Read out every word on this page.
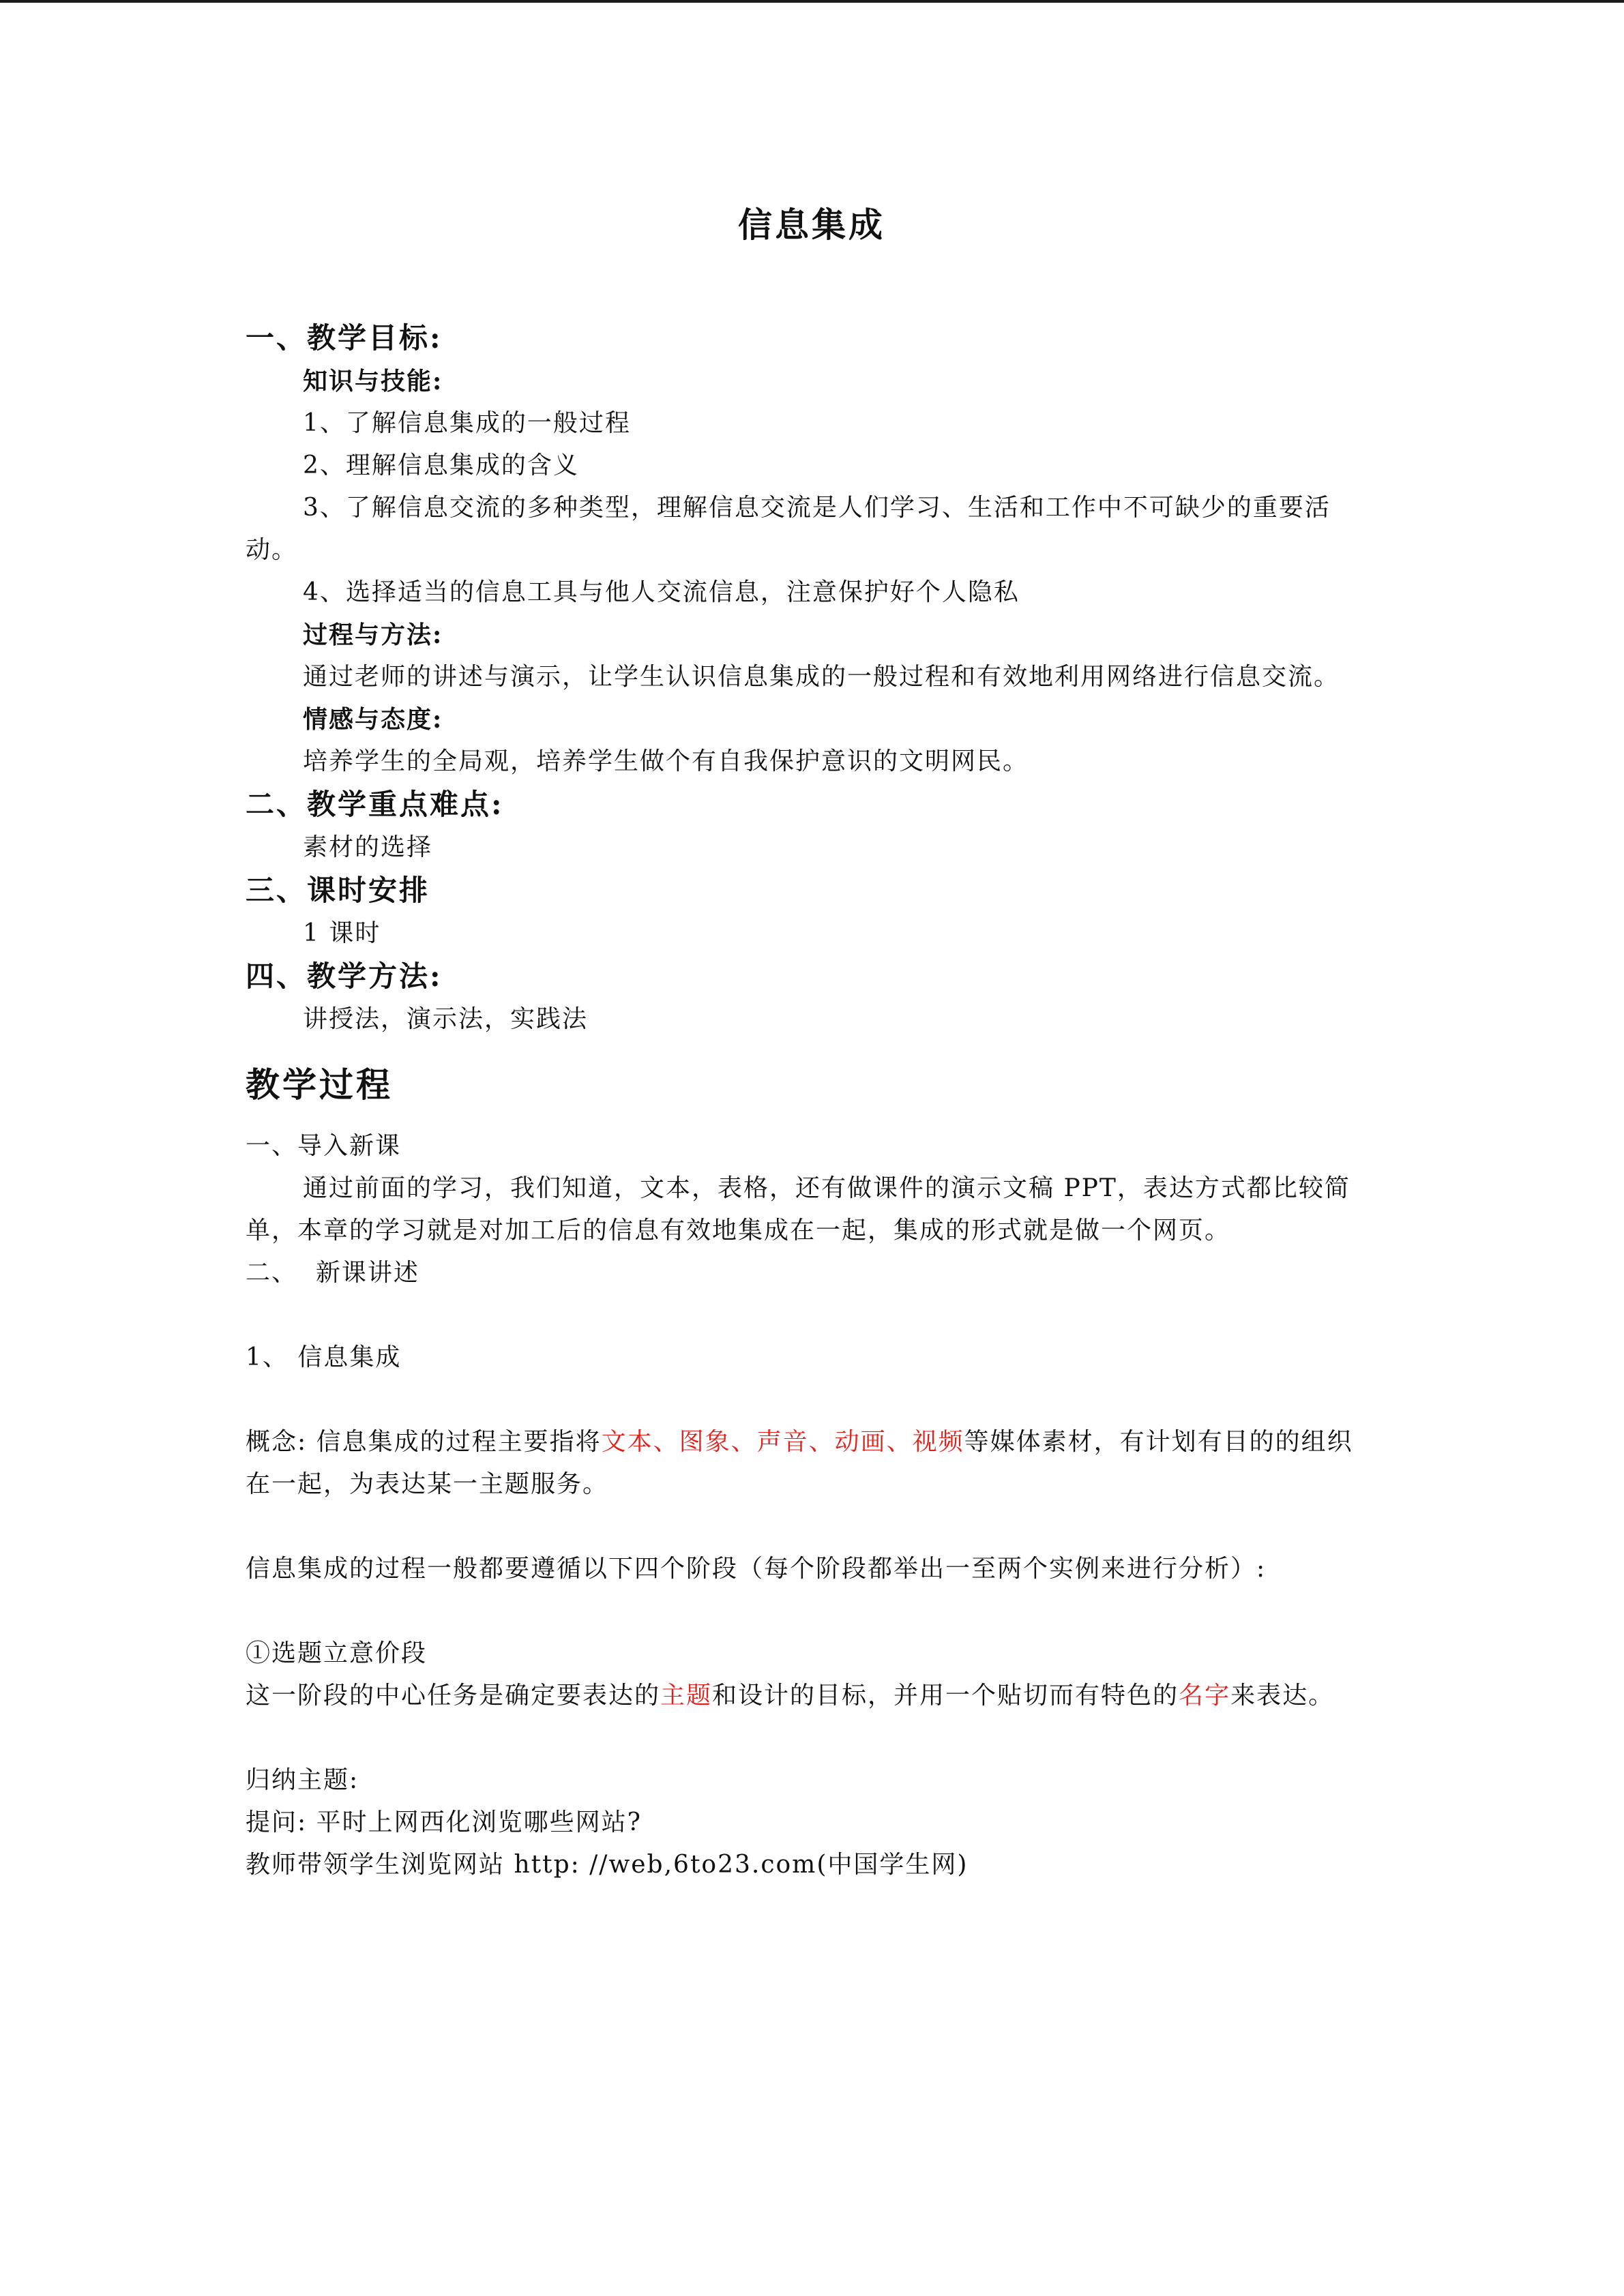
信息集成
一、教学目标:
知识与技能:
1、了解信息集成的一般过程
2、理解信息集成的含义
3、了解信息交流的多种类型，理解信息交流是人们学习、生活和工作中不可缺少的重要活动。
4、选择适当的信息工具与他人交流信息，注意保护好个人隐私
过程与方法:
通过老师的讲述与演示，让学生认识信息集成的一般过程和有效地利用网络进行信息交流。
情感与态度:
培养学生的全局观，培养学生做个有自我保护意识的文明网民。
二、教学重点难点:
素材的选择
三、课时安排
1 课时
四、教学方法:
讲授法，演示法，实践法
教学过程
一、导入新课
通过前面的学习，我们知道，文本，表格，还有做课件的演示文稿 PPT，表达方式都比较简单，本章的学习就是对加工后的信息有效地集成在一起，集成的形式就是做一个网页。
二、  新课讲述
1、 信息集成
概念: 信息集成的过程主要指将文本、图象、声音、动画、视频等媒体素材，有计划有目的的组织在一起，为表达某一主题服务。
信息集成的过程一般都要遵循以下四个阶段（每个阶段都举出一至两个实例来进行分析）:
①选题立意价段
这一阶段的中心任务是确定要表达的主题和设计的目标，并用一个贴切而有特色的名字来表达。
归纳主题:
提问: 平时上网西化浏览哪些网站?
教师带领学生浏览网站 http: //web,6to23.com(中国学生网)
